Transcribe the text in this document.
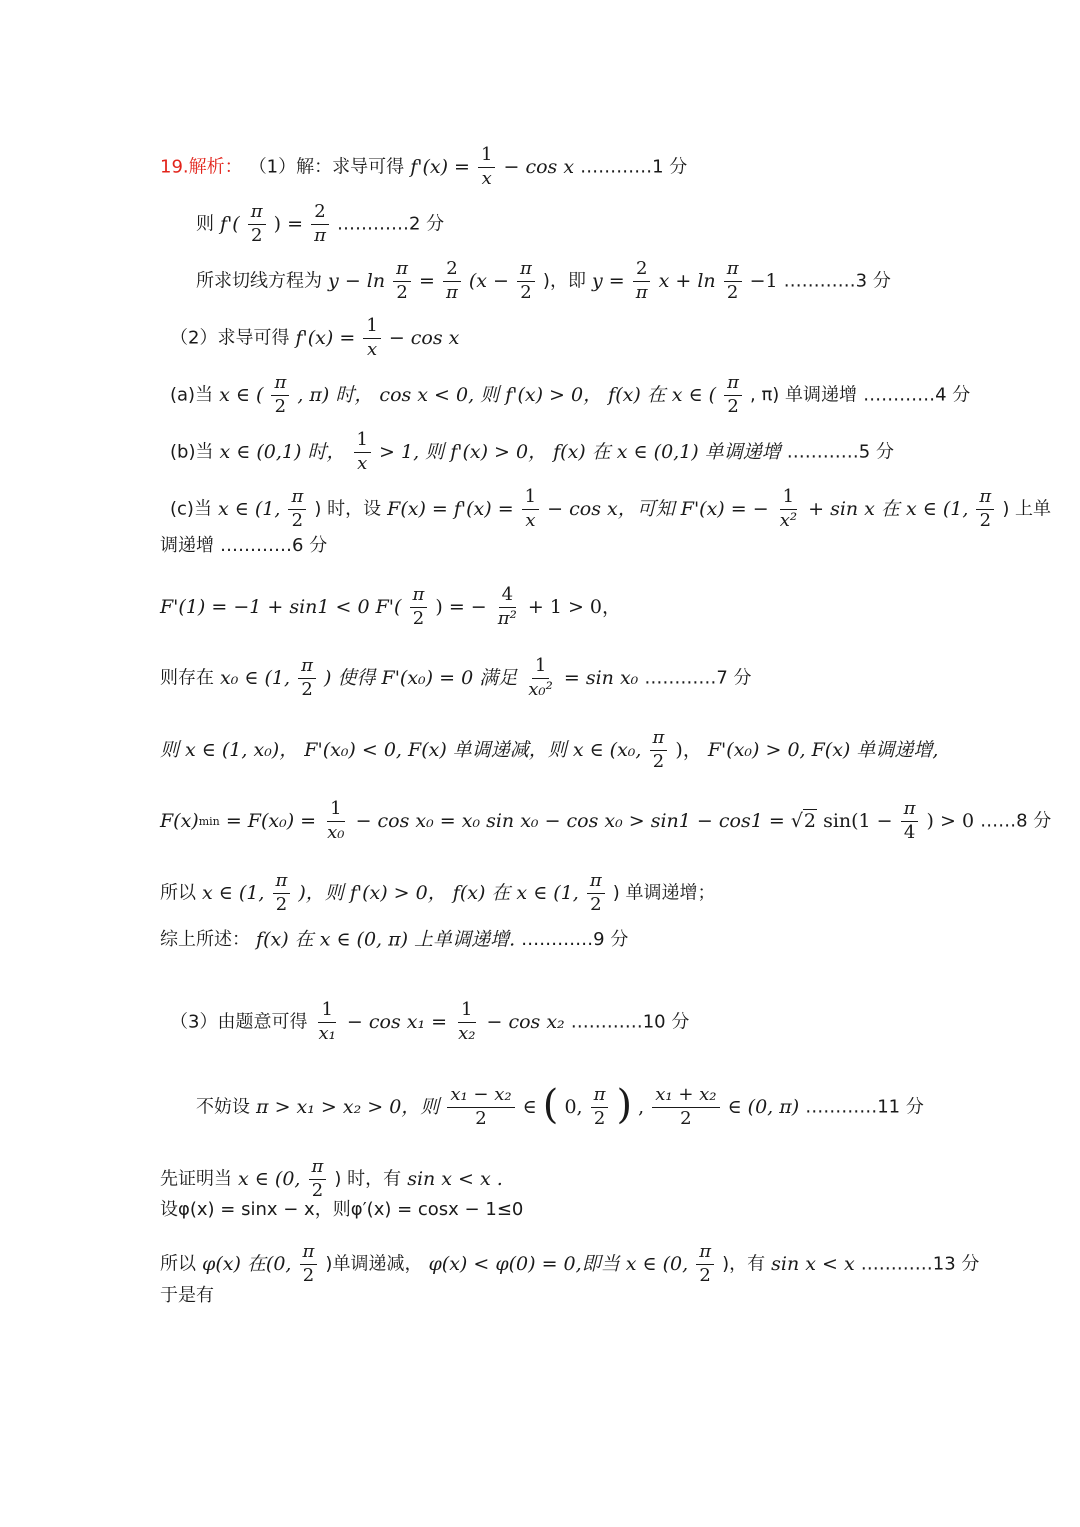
19.解析： （1）解：求导可得 $f'(x) = \frac{1}{x} - \cos x$ …………1 分
则 $f'( \frac{\pi}{2}$ ) = $\frac{2}{\pi}$ …………2 分
所求切线方程为 $y - \ln \frac{\pi}{2} = \frac{2}{\pi} (x - \frac{\pi}{2}$ )，即 $y = \frac{2}{\pi}$ $x + \ln \frac{\pi}{2} -1$ …………3 分
（2）求导可得 $f'(x) = \frac{1}{x} - \cos x$
(a)当 x ∈ ( $\frac{\pi}{2}$ , π) 时， cos x < 0, 则 f'(x) > 0， f(x) 在 x ∈ ( $\frac{\pi}{2}$ , π) 单调递增 …………4 分
(b)当 x ∈ (0,1) 时， $\frac{1}{x} > 1$, 则 f'(x) > 0， f(x) 在 x ∈ (0,1) 单调递增 …………5 分
(c)当 x ∈ (1, $\frac{\pi}{2}$ ) 时，设 $F(x) = f'(x) = \frac{1}{x} - \cos x$，可知 F'(x) = − $\frac{1}{\text{x²}} + \sin x$ 在 x ∈ (1, $\frac{\pi}{2}$ ) 上单
调递增 …………6 分
F'(1) = −1 + sin1 < 0 $F'( \frac{\pi}{2}$ ) = − $\frac{4}{\text{π²}} + 1 > 0$，
则存在 x₀ ∈ (1, $\frac{\pi}{2}$ ) 使得 F'(x₀) = 0 满足 $\frac{1}{\text{x₀²}} = \sin x_0$ …………7 分
则 x ∈ (1, x₀)， F'(x₀) < 0, F(x) 单调递减，则 x ∈ (x₀, $\frac{\pi}{2}$ )， F'(x₀) > 0, F(x) 单调递增,
$F(x)\min = F(x_0) = \frac{1}{\text{x₀}} - \cos x_0 = x_0$ sin x₀ − cos x₀ > sin1 − cos1 = √2 $\sin(1 - \frac{\pi}{4}$ ) > 0 ……8 分
所以 x ∈ (1, $\frac{\pi}{2}$ )，则 f'(x) > 0， f(x) 在 x ∈ (1, $\frac{\pi}{2}$ ) 单调递增；
综上所述： f(x) 在 x ∈ (0, π) 上单调递增. …………9 分
（3）由题意可得 $\frac{1}{\text{x₁}} - \cos x_1 = \frac{1}{\text{x₂}} - \cos x_2$ …………10 分
不妨设 π > x₁ > x₂ > 0，则 $\frac{\text{x₁ − x₂}}{2}$ ∈ ( 0, $\frac{\pi}{2}$ ) , $\frac{\text{x₁ + x₂}}{2}$ ∈ (0, π) …………11 分
先证明当 x ∈ (0, $\frac{\pi}{2}$ ) 时，有 sin x < x .
设φ(x) = sinx − x，则φ′(x) = cosx − 1≤0
所以 φ(x) 在(0, $\frac{\pi}{2}$ )单调递减， φ(x) < φ(0) = 0,即当 x ∈ (0, $\frac{\pi}{2}$ )，有 sin x < x …………13 分
于是有
